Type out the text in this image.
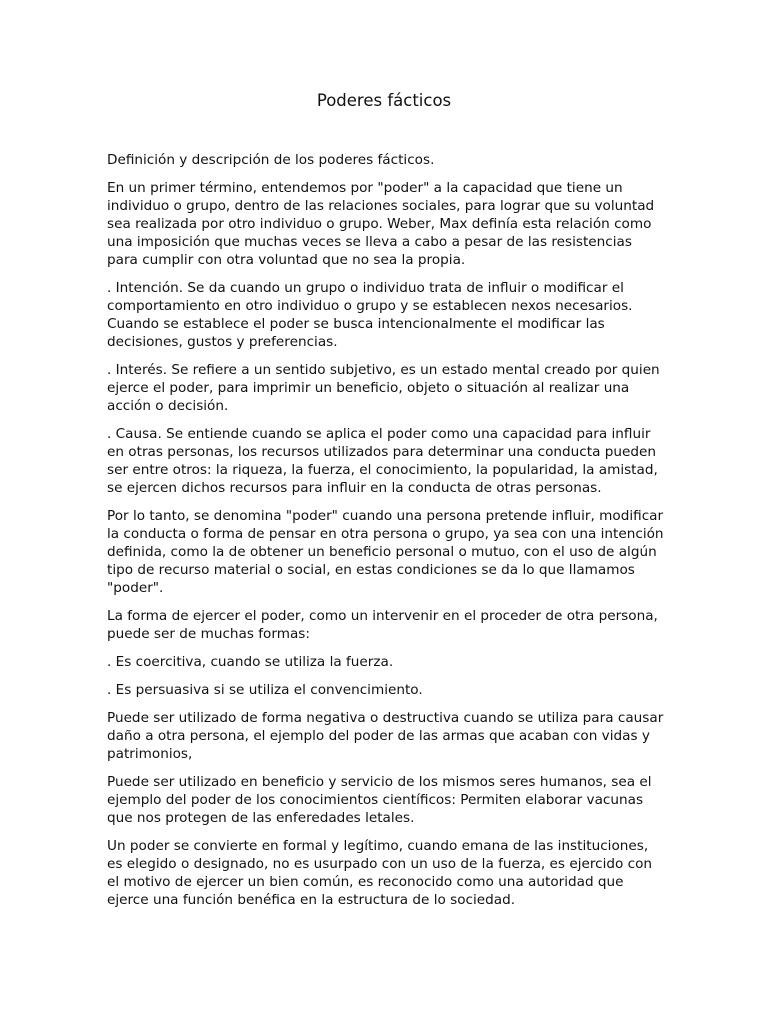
Poderes fácticos

Definición y descripción de los poderes fácticos.

En un primer término, entendemos por "poder" a la capacidad que tiene un individuo o grupo, dentro de las relaciones sociales, para lograr que su voluntad sea realizada por otro individuo o grupo. Weber, Max definía esta relación como una imposición que muchas veces se lleva a cabo a pesar de las resistencias para cumplir con otra voluntad que no sea la propia.

. Intención. Se da cuando un grupo o individuo trata de influir o modificar el comportamiento en otro individuo o grupo y se establecen nexos necesarios. Cuando se establece el poder se busca intencionalmente el modificar las decisiones, gustos y preferencias.

. Interés. Se refiere a un sentido subjetivo, es un estado mental creado por quien ejerce el poder, para imprimir un beneficio, objeto o situación al realizar una acción o decisión.

. Causa. Se entiende cuando se aplica el poder como una capacidad para influir en otras personas, los recursos utilizados para determinar una conducta pueden ser entre otros: la riqueza, la fuerza, el conocimiento, la popularidad, la amistad, se ejercen dichos recursos para influir en la conducta de otras personas.

Por lo tanto, se denomina "poder" cuando una persona pretende influir, modificar la conducta o forma de pensar en otra persona o grupo, ya sea con una intención definida, como la de obtener un beneficio personal o mutuo, con el uso de algún tipo de recurso material o social, en estas condiciones se da lo que llamamos "poder".

La forma de ejercer el poder, como un intervenir en el proceder de otra persona, puede ser de muchas formas:

. Es coercitiva, cuando se utiliza la fuerza.

. Es persuasiva si se utiliza el convencimiento.

Puede ser utilizado de forma negativa o destructiva cuando se utiliza para causar daño a otra persona, el ejemplo del poder de las armas que acaban con vidas y patrimonios,

Puede ser utilizado en beneficio y servicio de los mismos seres humanos, sea el ejemplo del poder de los conocimientos científicos: Permiten elaborar vacunas que nos protegen de las enferedades letales.

Un poder se convierte en formal y legítimo, cuando emana de las instituciones, es elegido o designado, no es usurpado con un uso de la fuerza, es ejercido con el motivo de ejercer un bien común, es reconocido como una autoridad que ejerce una función benéfica en la estructura de lo sociedad.
